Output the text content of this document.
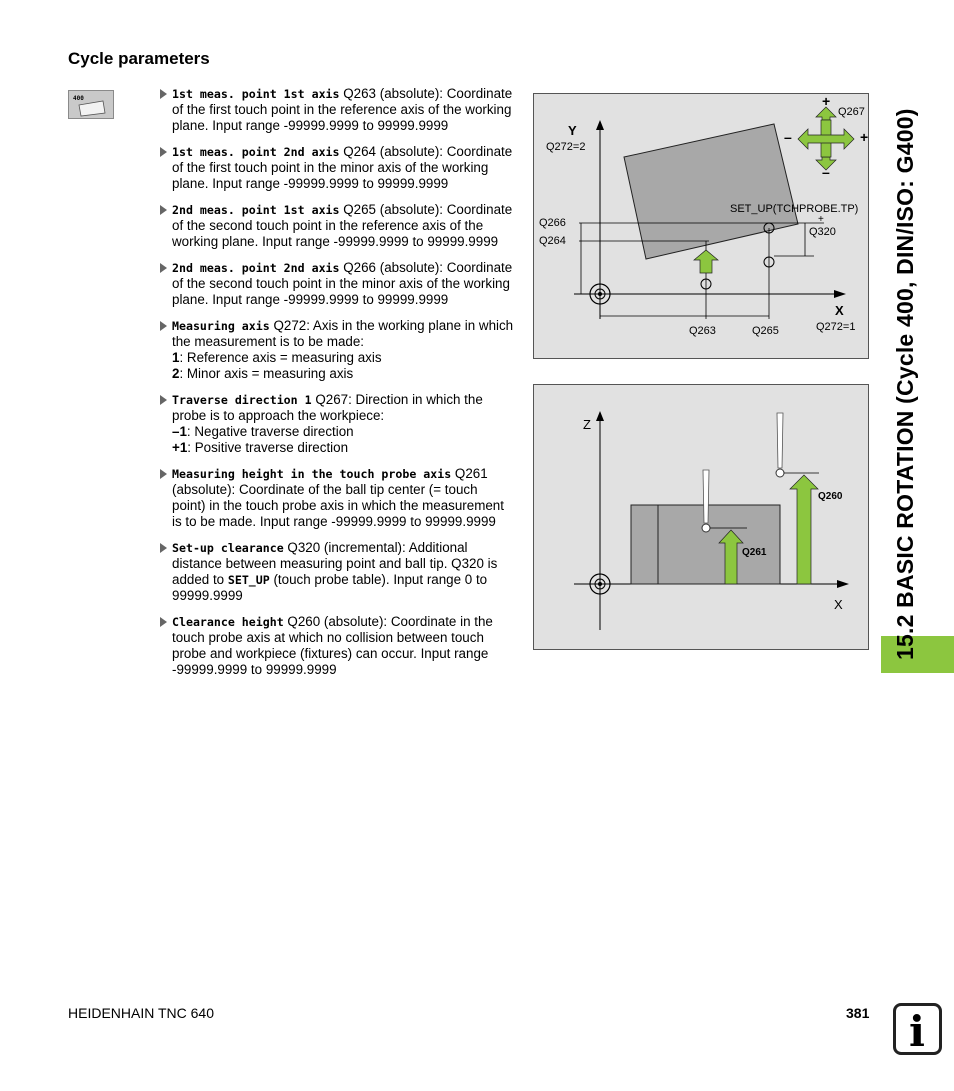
Cycle parameters
400	1st meas. point 1st axis Q263 (absolute): Coordinate of the first touch point in the reference axis of the working plane. Input range -99999.9999 to 99999.9999
1st meas. point 2nd axis Q264 (absolute): Coordinate of the first touch point in the minor axis of the working plane. Input range -99999.9999 to 99999.9999
2nd meas. point 1st axis Q265 (absolute): Coordinate of the second touch point in the reference axis of the working plane. Input range -99999.9999 to 99999.9999
2nd meas. point 2nd axis Q266 (absolute): Coordinate of the second touch point in the minor axis of the working plane. Input range -99999.9999 to 99999.9999
Measuring axis Q272: Axis in the working plane in which the measurement is to be made:
1: Reference axis = measuring axis
2: Minor axis = measuring axis
Traverse direction 1 Q267: Direction in which the probe is to approach the workpiece:
–1: Negative traverse direction
+1: Positive traverse direction
Measuring height in the touch probe axis Q261 (absolute): Coordinate of the ball tip center (= touch point) in the touch probe axis in which the measurement is to be made. Input range -99999.9999 to 99999.9999
Set-up clearance Q320 (incremental): Additional distance between measuring point and ball tip. Q320 is added to SET_UP (touch probe table). Input range 0 to 99999.9999
Clearance height Q260 (absolute): Coordinate in the touch probe axis at which no collision between touch probe and workpiece (fixtures) can occur. Input range -99999.9999 to 99999.9999
Y
Q272=2
Q266
Q264
X
Q272=1
Q263	Q265
SET_UP(TCHPROBE.TP)
+
Q320
Q267
+
–
–	+
Z
X
Q260
Q261	15.2 BASIC ROTATION (Cycle 400, DIN/ISO: G400)
HEIDENHAIN TNC 640	381 i
